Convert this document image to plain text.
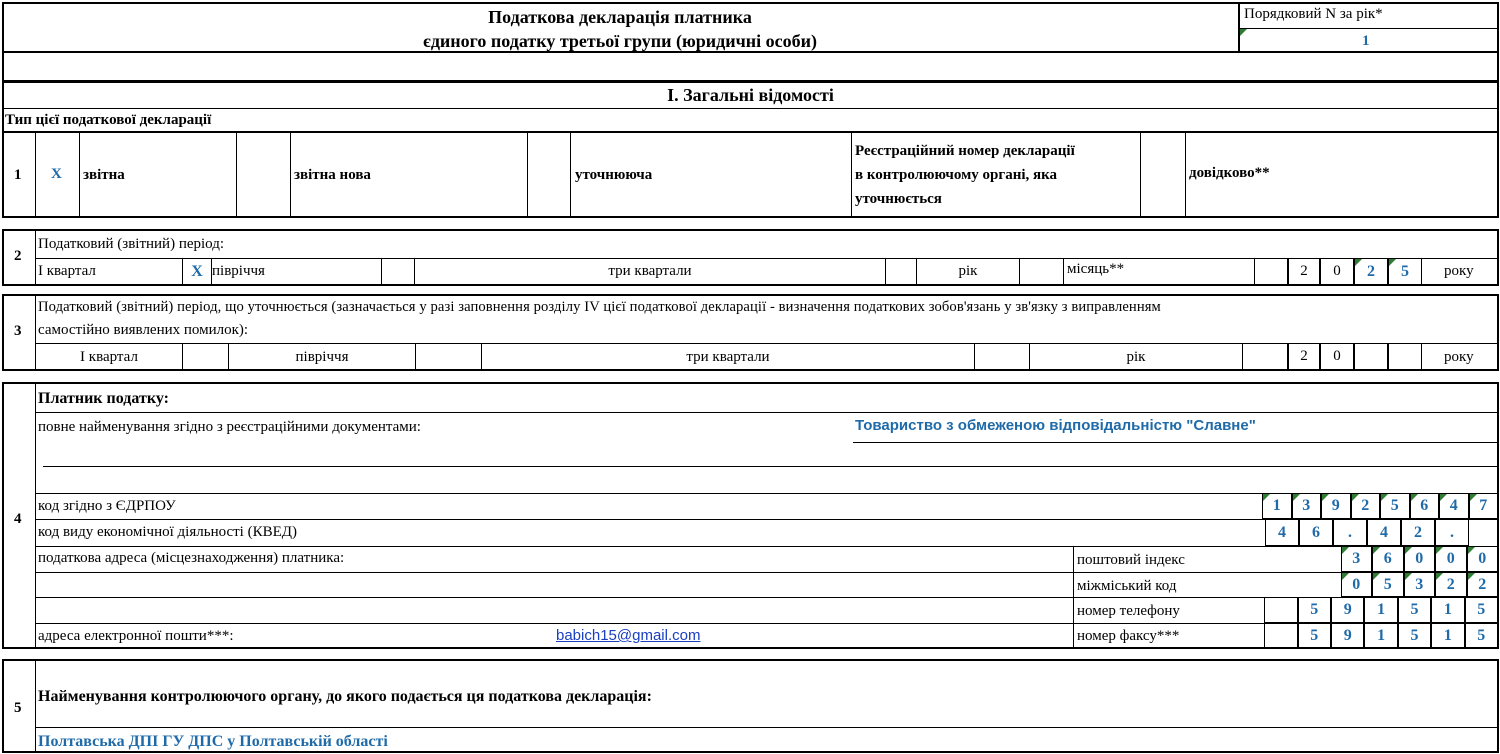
Податкова декларація платника
єдиного податку третьої групи (юридичні особи)
Порядковий N за рік*
1
І. Загальні відомості
Тип цієї податкової декларації
1 X звітна	звітна нова	уточнююча
Реєстраційний номер декларації
в контролюючому органі, яка
уточнюється
довідково**
2
Податковий (звітний) період:
I квартал	X півріччя	три квартали	рік	місяць**	2 0 2 5 року
3
Податковий (звітний) період, що уточнюється (зазначається у разі заповнення розділу IV цієї податкової декларації - визначення податкових зобов'язань у зв'язку з виправленням
самостійно виявлених помилок):
I квартал	півріччя	три квартали	рік	2 0	року
4
Платник податку:
повне найменування згідно з реєстраційними документами:	Товариство з обмеженою відповідальністю "Славне"
код згідно з ЄДРПОУ	1 3 9 2 5 6 4 7
код виду економічної діяльності (КВЕД)	4 6 . 4 2 .
податкова адреса (місцезнаходження) платника:	поштовий індекс	3 6 0 0 0
міжміський код	0 5 3 2 2
номер телефону	5 9 1 5 1 5
адреса електронної пошти***:	babich15@gmail.com	номер факсу***	5 9 1 5 1 5
5
Найменування контролюючого органу, до якого подається ця податкова декларація:
Полтавська ДПІ ГУ ДПС у Полтавській області
